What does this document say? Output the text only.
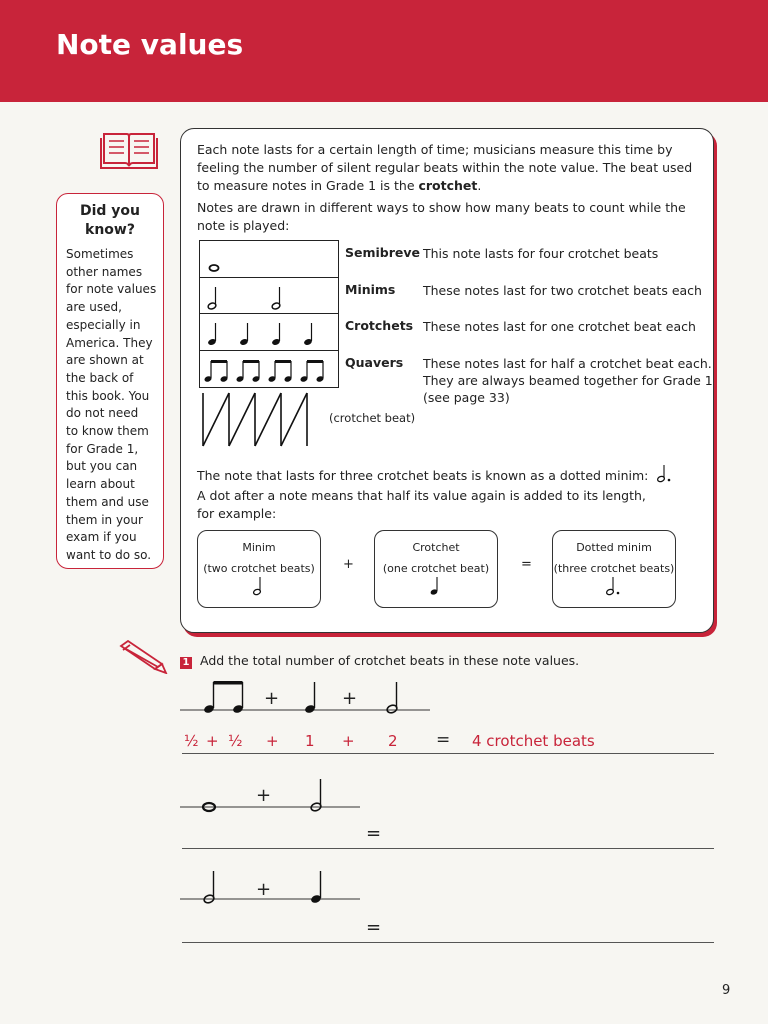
Note values
Did you
know?
Sometimes
other names
for note values
are used,
especially in
America. They
are shown at
the back of
this book. You
do not need
to know them
for Grade 1,
but you can
learn about
them and use
them in your
exam if you
want to do so.
Each note lasts for a certain length of time; musicians measure this time by
feeling the number of silent regular beats within the note value. The beat used
to measure notes in Grade 1 is the crotchet.
Notes are drawn in different ways to show how many beats to count while the
note is played:
Semibreve This note lasts for four crotchet beats
Minims These notes last for two crotchet beats each
Crotchets These notes last for one crotchet beat each
Quavers These notes last for half a crotchet beat each.
They are always beamed together for Grade 1
(see page 33)
(crotchet beat)
The note that lasts for three crotchet beats is known as a dotted minim:
A dot after a note means that half its value again is added to its length,
for example:
Minim
(two crotchet beats)	+
Crotchet
(one crotchet beat)	=
Dotted minim
(three crotchet beats)
1 Add the total number of crotchet beats in these note values.
+	+
½ + ½ + 1 + 2 = 4 crotchet beats
+
=
+
=
9
